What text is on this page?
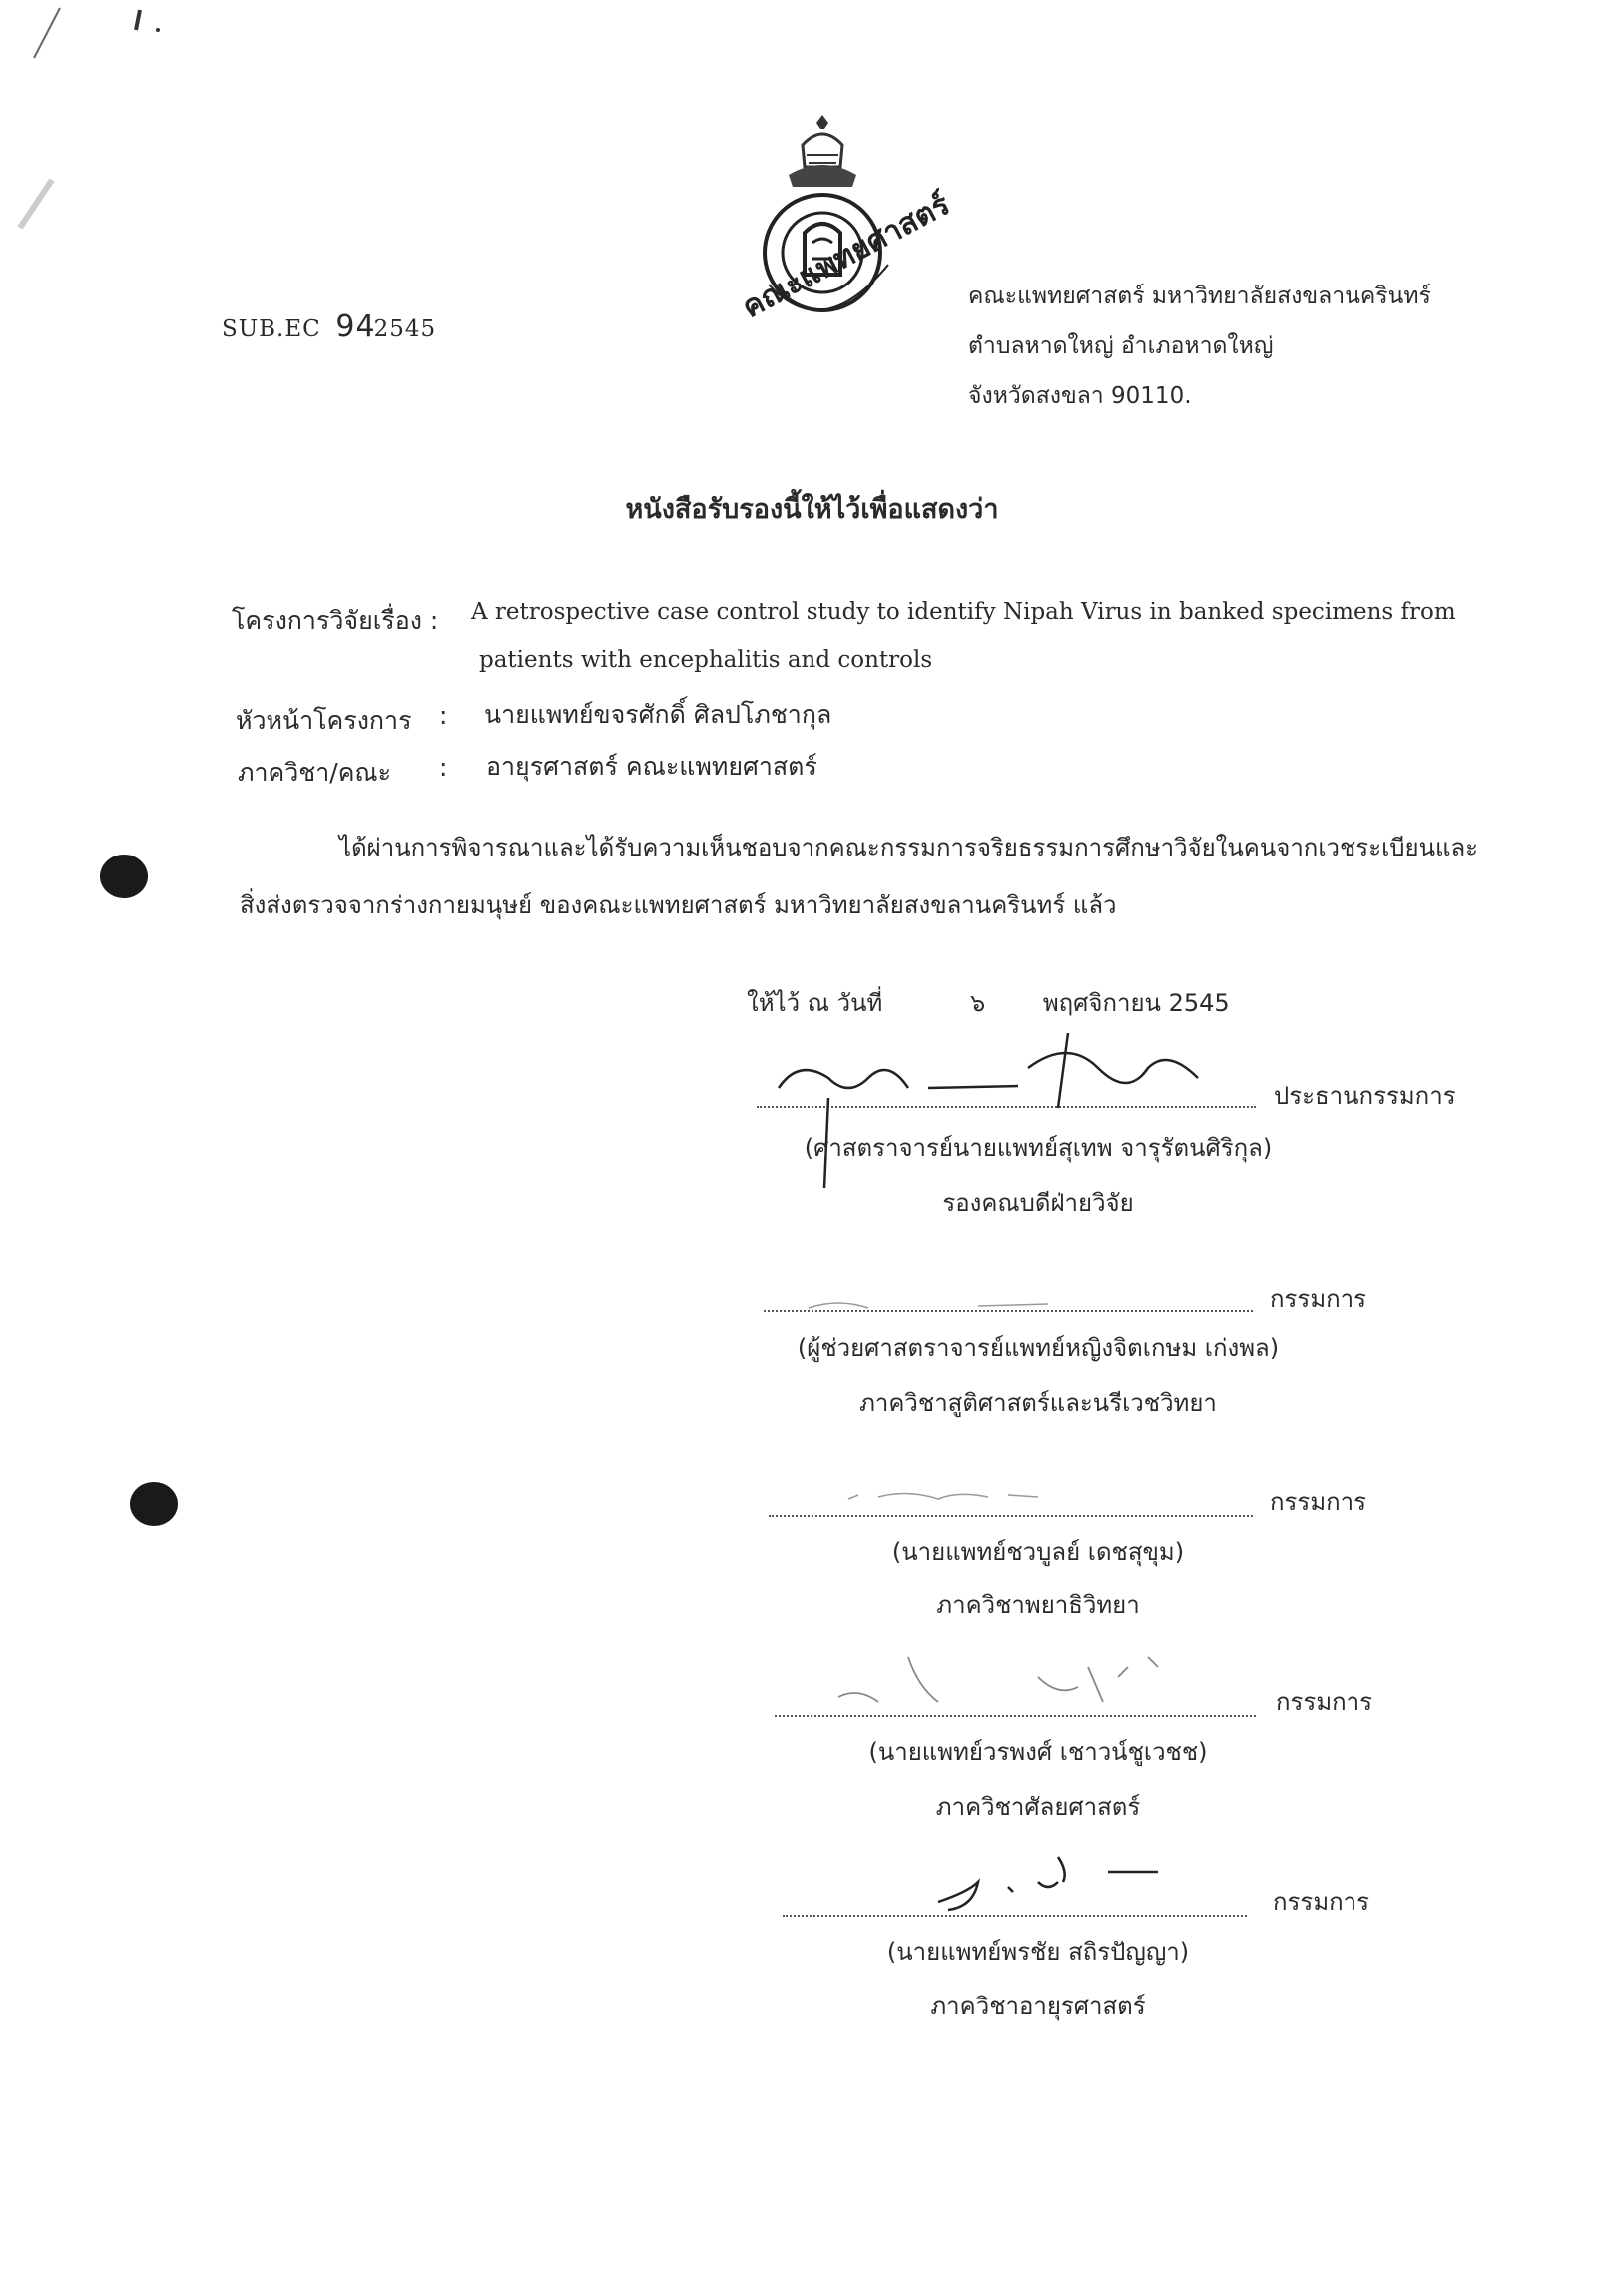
คณะแพทยศาสตร์
SUB.EC 942545
คณะแพทยศาสตร์ มหาวิทยาลัยสงขลานครินทร์
ตำบลหาดใหญ่ อำเภอหาดใหญ่
จังหวัดสงขลา 90110.
หนังสือรับรองนี้ให้ไว้เพื่อแสดงว่า
โครงการวิจัยเรื่อง : A retrospective case control study to identify Nipah Virus in banked specimens from
patients with encephalitis and controls
หัวหน้าโครงการ : นายแพทย์ขจรศักดิ์ ศิลปโภชากุล
ภาควิชา/คณะ : อายุรศาสตร์ คณะแพทยศาสตร์
ได้ผ่านการพิจารณาและได้รับความเห็นชอบจากคณะกรรมการจริยธรรมการศึกษาวิจัยในคนจากเวชระเบียนและ
สิ่งส่งตรวจจากร่างกายมนุษย์ ของคณะแพทยศาสตร์ มหาวิทยาลัยสงขลานครินทร์ แล้ว
ให้ไว้ ณ วันที่	๖ พฤศจิกายน 2545
ประธานกรรมการ
(ศาสตราจารย์นายแพทย์สุเทพ จารุรัตนศิริกุล)
รองคณบดีฝ่ายวิจัย
กรรมการ
(ผู้ช่วยศาสตราจารย์แพทย์หญิงจิตเกษม เก่งพล)
ภาควิชาสูติศาสตร์และนรีเวชวิทยา
กรรมการ
(นายแพทย์ชวบูลย์ เดชสุขุม)
ภาควิชาพยาธิวิทยา
กรรมการ
(นายแพทย์วรพงศ์ เชาวน์ชูเวชช)
ภาควิชาศัลยศาสตร์
กรรมการ
(นายแพทย์พรชัย สถิรปัญญา)
ภาควิชาอายุรศาสตร์
